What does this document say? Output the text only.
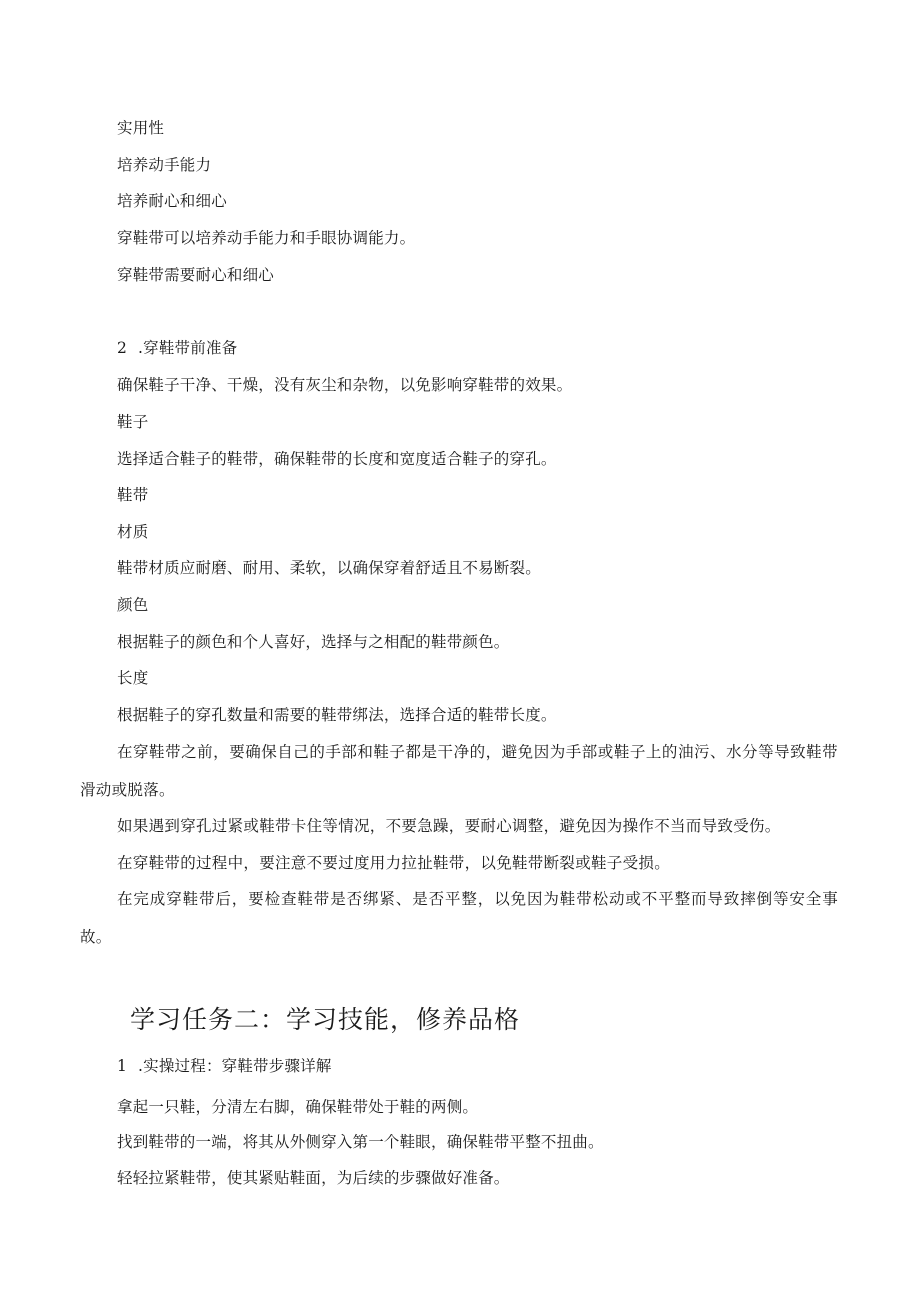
实用性
培养动手能力
培养耐心和细心
穿鞋带可以培养动手能力和手眼协调能力。
穿鞋带需要耐心和细心
2 .穿鞋带前准备
确保鞋子干净、干燥，没有灰尘和杂物，以免影响穿鞋带的效果。
鞋子
选择适合鞋子的鞋带，确保鞋带的长度和宽度适合鞋子的穿孔。
鞋带
材质
鞋带材质应耐磨、耐用、柔软，以确保穿着舒适且不易断裂。
颜色
根据鞋子的颜色和个人喜好，选择与之相配的鞋带颜色。
长度
根据鞋子的穿孔数量和需要的鞋带绑法，选择合适的鞋带长度。
在穿鞋带之前，要确保自己的手部和鞋子都是干净的，避免因为手部或鞋子上的油污、水分等导致鞋带滑动或脱落。
如果遇到穿孔过紧或鞋带卡住等情况，不要急躁，要耐心调整，避免因为操作不当而导致受伤。
在穿鞋带的过程中，要注意不要过度用力拉扯鞋带，以免鞋带断裂或鞋子受损。
在完成穿鞋带后，要检查鞋带是否绑紧、是否平整，以免因为鞋带松动或不平整而导致摔倒等安全事故。
学习任务二：学习技能，修养品格
1 .实操过程：穿鞋带步骤详解
拿起一只鞋，分清左右脚，确保鞋带处于鞋的两侧。
找到鞋带的一端，将其从外侧穿入第一个鞋眼，确保鞋带平整不扭曲。
轻轻拉紧鞋带，使其紧贴鞋面，为后续的步骤做好准备。
